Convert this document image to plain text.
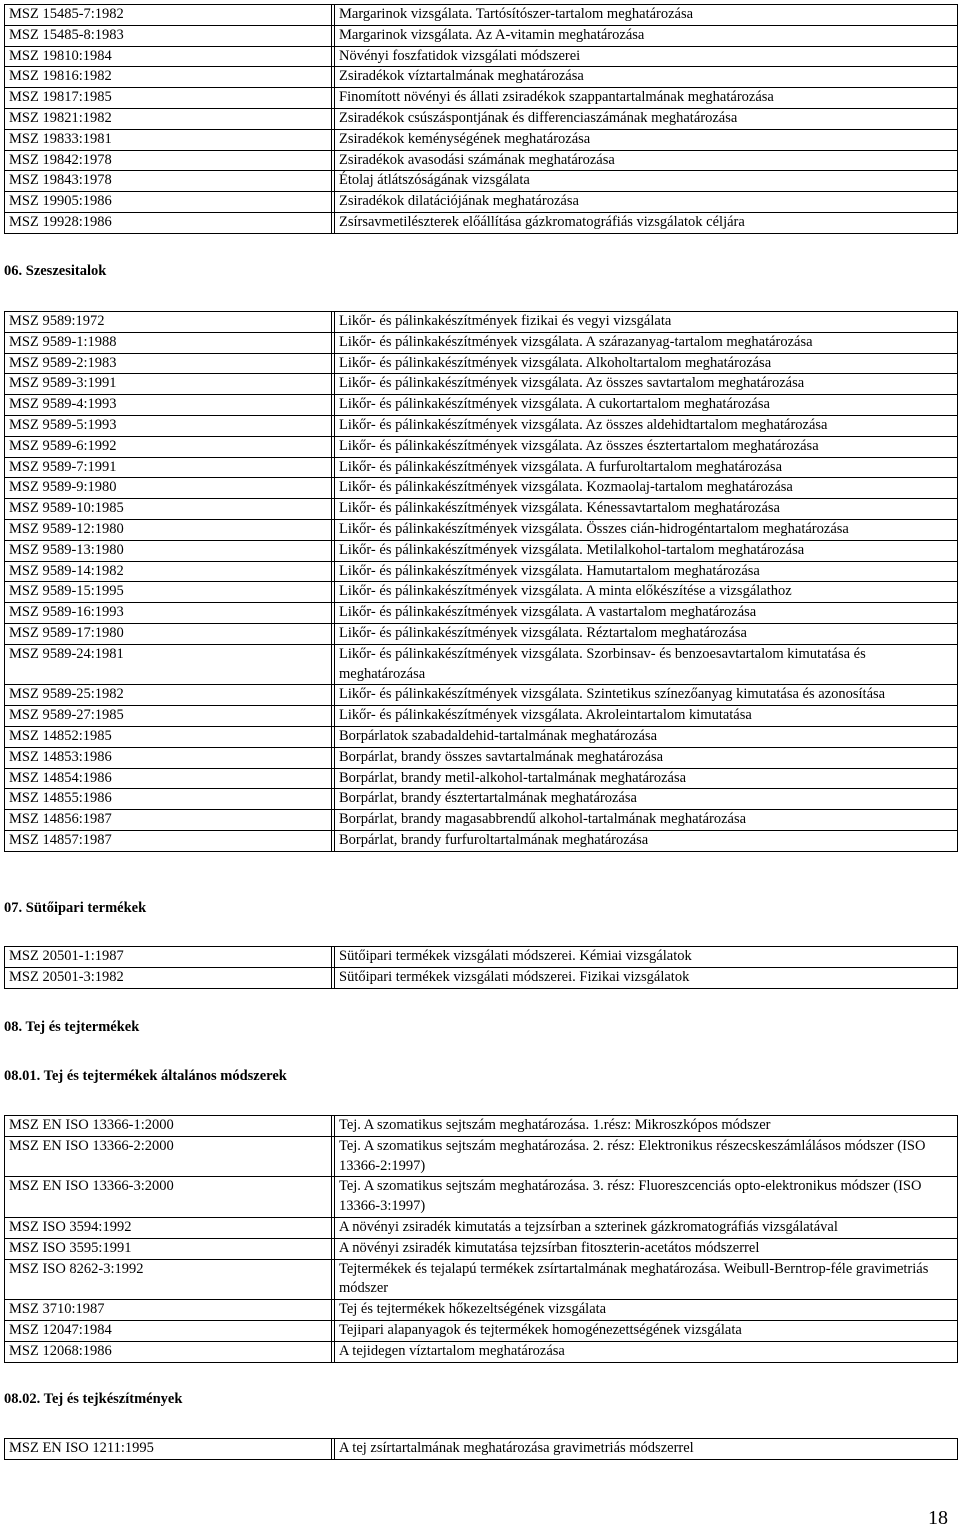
MSZ 15485-7:1982		Margarinok vizsgálata. Tartósítószer-tartalom meghatározása
MSZ 15485-8:1983		Margarinok vizsgálata. Az A-vitamin meghatározása
MSZ 19810:1984		Növényi foszfatidok vizsgálati módszerei
MSZ 19816:1982		Zsiradékok víztartalmának meghatározása
MSZ 19817:1985		Finomított növényi és állati zsiradékok szappantartalmának meghatározása
MSZ 19821:1982		Zsiradékok csúszáspontjának és differenciaszámának meghatározása
MSZ 19833:1981		Zsiradékok keménységének meghatározása
MSZ 19842:1978		Zsiradékok avasodási számának meghatározása
MSZ 19843:1978		Étolaj átlátszóságának vizsgálata
MSZ 19905:1986		Zsiradékok dilatációjának meghatározása
MSZ 19928:1986		Zsírsavmetilészterek előállítása gázkromatográfiás vizsgálatok céljára
06. Szeszesitalok
MSZ 9589:1972		Likőr- és pálinkakészítmények fizikai és vegyi vizsgálata
MSZ 9589-1:1988		Likőr- és pálinkakészítmények vizsgálata. A szárazanyag-tartalom meghatározása
MSZ 9589-2:1983		Likőr- és pálinkakészítmények vizsgálata. Alkoholtartalom meghatározása
MSZ 9589-3:1991		Likőr- és pálinkakészítmények vizsgálata. Az összes savtartalom meghatározása
MSZ 9589-4:1993		Likőr- és pálinkakészítmények vizsgálata. A cukortartalom meghatározása
MSZ 9589-5:1993		Likőr- és pálinkakészítmények vizsgálata. Az összes aldehidtartalom meghatározása
MSZ 9589-6:1992		Likőr- és pálinkakészítmények vizsgálata. Az összes észtertartalom meghatározása
MSZ 9589-7:1991		Likőr- és pálinkakészítmények vizsgálata. A furfuroltartalom meghatározása
MSZ 9589-9:1980		Likőr- és pálinkakészítmények vizsgálata. Kozmaolaj-tartalom meghatározása
MSZ 9589-10:1985		Likőr- és pálinkakészítmények vizsgálata. Kénessavtartalom meghatározása
MSZ 9589-12:1980		Likőr- és pálinkakészítmények vizsgálata. Összes cián-hidrogéntartalom meghatározása
MSZ 9589-13:1980		Likőr- és pálinkakészítmények vizsgálata. Metilalkohol-tartalom meghatározása
MSZ 9589-14:1982		Likőr- és pálinkakészítmények vizsgálata. Hamutartalom meghatározása
MSZ 9589-15:1995		Likőr- és pálinkakészítmények vizsgálata. A minta előkészítése a vizsgálathoz
MSZ 9589-16:1993		Likőr- és pálinkakészítmények vizsgálata. A vastartalom meghatározása
MSZ 9589-17:1980		Likőr- és pálinkakészítmények vizsgálata. Réztartalom meghatározása
MSZ 9589-24:1981		Likőr- és pálinkakészítmények vizsgálata. Szorbinsav- és benzoesavtartalom kimutatása és meghatározása
MSZ 9589-25:1982		Likőr- és pálinkakészítmények vizsgálata. Szintetikus színezőanyag kimutatása és azonosítása
MSZ 9589-27:1985		Likőr- és pálinkakészítmények vizsgálata. Akroleintartalom kimutatása
MSZ 14852:1985		Borpárlatok szabadaldehid-tartalmának meghatározása
MSZ 14853:1986		Borpárlat, brandy összes savtartalmának meghatározása
MSZ 14854:1986		Borpárlat, brandy metil-alkohol-tartalmának meghatározása
MSZ 14855:1986		Borpárlat, brandy észtertartalmának meghatározása
MSZ 14856:1987		Borpárlat, brandy magasabbrendű alkohol-tartalmának meghatározása
MSZ 14857:1987		Borpárlat, brandy furfuroltartalmának meghatározása
07. Sütőipari termékek
MSZ 20501-1:1987		Sütőipari termékek vizsgálati módszerei. Kémiai vizsgálatok
MSZ 20501-3:1982		Sütőipari termékek vizsgálati módszerei. Fizikai vizsgálatok
08. Tej és tejtermékek
08.01. Tej és tejtermékek általános módszerek
MSZ EN ISO 13366-1:2000		Tej. A szomatikus sejtszám meghatározása. 1.rész: Mikroszkópos módszer
MSZ EN ISO 13366-2:2000		Tej. A szomatikus sejtszám meghatározása. 2. rész: Elektronikus részecskeszámlálásos módszer (ISO 13366-2:1997)
MSZ EN ISO 13366-3:2000		Tej. A szomatikus sejtszám meghatározása. 3. rész: Fluoreszcenciás opto-elektronikus módszer (ISO 13366-3:1997)
MSZ ISO 3594:1992		A növényi zsiradék kimutatás a tejzsírban a szterinek gázkromatográfiás vizsgálatával
MSZ ISO 3595:1991		A növényi zsiradék kimutatása tejzsírban fitoszterin-acetátos módszerrel
MSZ ISO 8262-3:1992		Tejtermékek és tejalapú termékek zsírtartalmának meghatározása. Weibull-Berntrop-féle gravimetriás módszer
MSZ 3710:1987		Tej és tejtermékek hőkezeltségének vizsgálata
MSZ 12047:1984		Tejipari alapanyagok és tejtermékek homogénezettségének vizsgálata
MSZ 12068:1986		A tejidegen víztartalom meghatározása
08.02. Tej és tejkészítmények
MSZ EN ISO 1211:1995		A tej zsírtartalmának meghatározása gravimetriás módszerrel
18
